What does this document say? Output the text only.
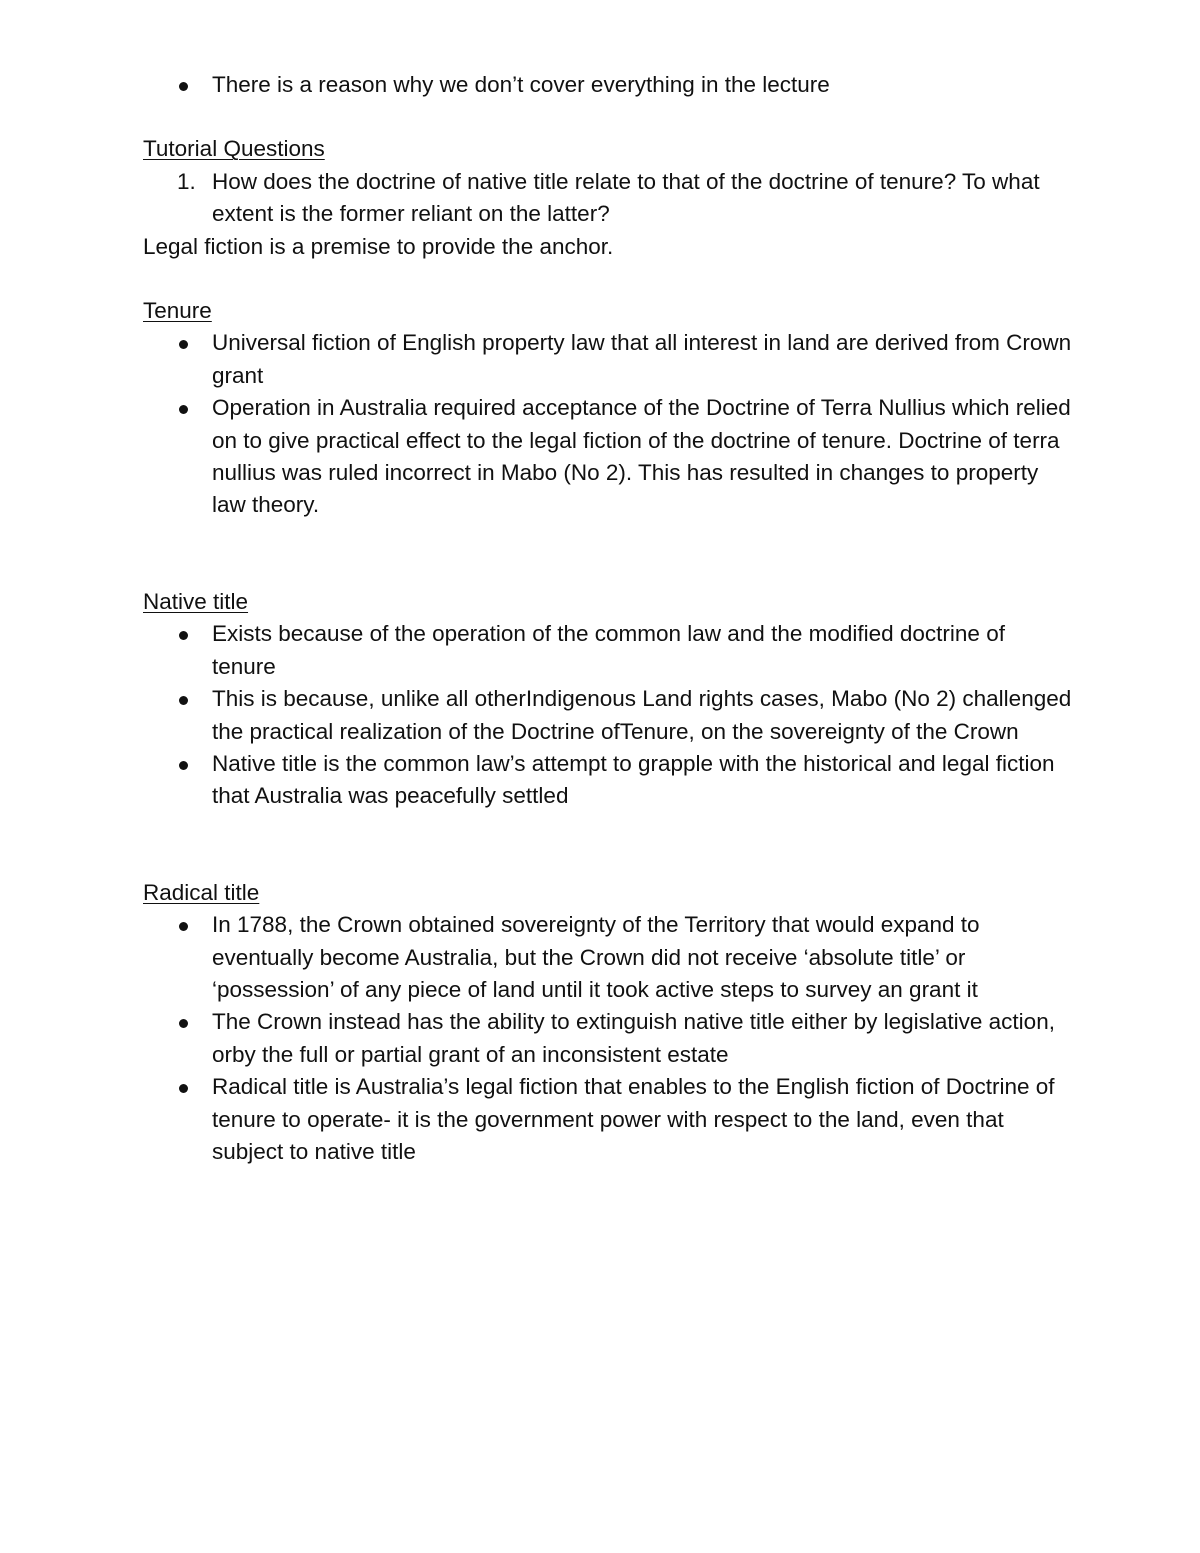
There is a reason why we don’t cover everything in the lecture

Tutorial Questions

1. How does the doctrine of native title relate to that of the doctrine of tenure? To what extent is the former reliant on the latter?

Legal fiction is a premise to provide the anchor.

Tenure

Universal fiction of English property law that all interest in land are derived from Crown grant
Operation in Australia required acceptance of the Doctrine of Terra Nullius which relied on to give practical effect to the legal fiction of the doctrine of tenure. Doctrine of terra nullius was ruled incorrect in Mabo (No 2). This has resulted in changes to property law theory.

Native title

Exists because of the operation of the common law and the modified doctrine of tenure
This is because, unlike all otherIndigenous Land rights cases, Mabo (No 2) challenged the practical realization of the Doctrine ofTenure, on the sovereignty of the Crown
Native title is the common law’s attempt to grapple with the historical and legal fiction that Australia was peacefully settled

Radical title

In 1788, the Crown obtained sovereignty of the Territory that would expand to eventually become Australia, but the Crown did not receive ‘absolute title’ or ‘possession’ of any piece of land until it took active steps to survey an grant it
The Crown instead has the ability to extinguish native title either by legislative action, orby the full or partial grant of an inconsistent estate
Radical title is Australia’s legal fiction that enables to the English fiction of Doctrine of tenure to operate- it is the government power with respect to the land, even that subject to native title
